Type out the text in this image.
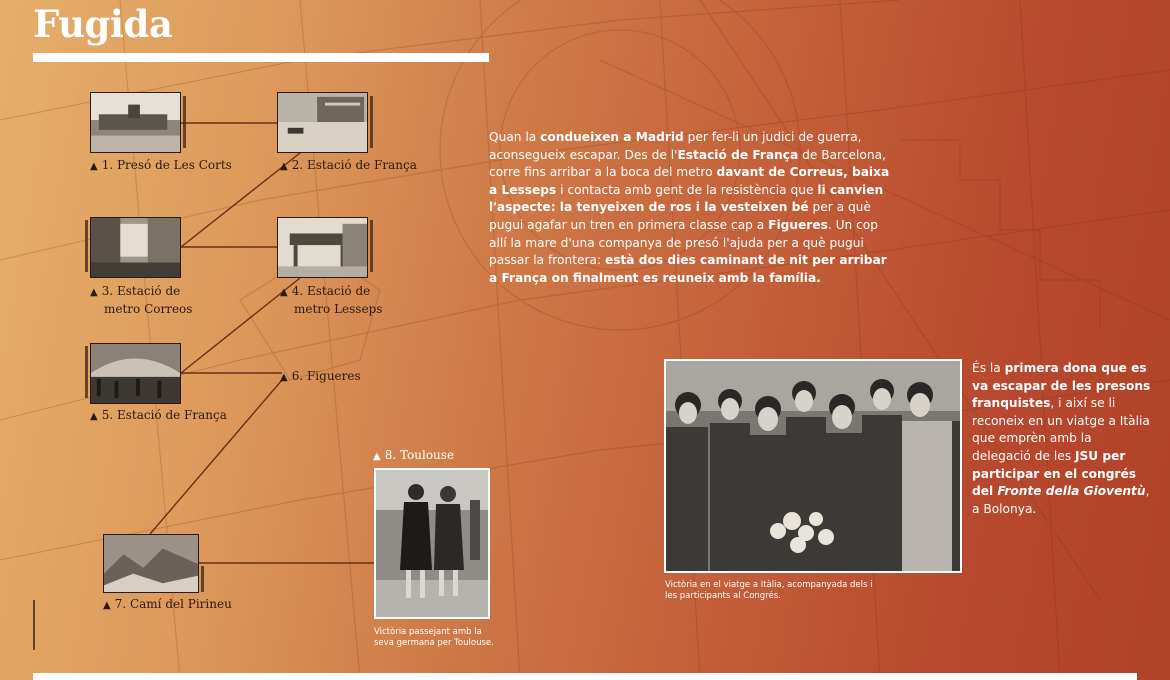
Fugida
▲ 1. Presó de Les Corts	▲ 2. Estació de França
▲ 3. Estació de
metro Correos
▲ 4. Estació de
metro Lesseps
▲ 5. Estació de França
▲ 6. Figueres
▲ 7. Camí del Pirineu

Quan la condueixen a Madrid per fer-li un judici de guerra, aconsegueix escapar. Des de l'Estació de França de Barcelona, corre fins arribar a la boca del metro davant de Correus, baixa a Lesseps i contacta amb gent de la resistència que li canvien l'aspecte: la tenyeixen de ros i la vesteixen bé per a què pugui agafar un tren en primera classe cap a Figueres. Un cop allí la mare d'una companya de presó l'ajuda per a què pugui passar la frontera: està dos dies caminant de nit per arribar a França on finalment es reuneix amb la família.

▲ 8. Toulouse
Victòria passejant amb la seva germana per Toulouse.
Victòria en el viatge a Itàlia, acompanyada dels i les participants al Congrés.

És la primera dona que es va escapar de les presons franquistes, i així se li reconeix en un viatge a Itàlia que emprèn amb la delegació de les JSU per participar en el congrés del Fronte della Gioventù, a Bolonya.
